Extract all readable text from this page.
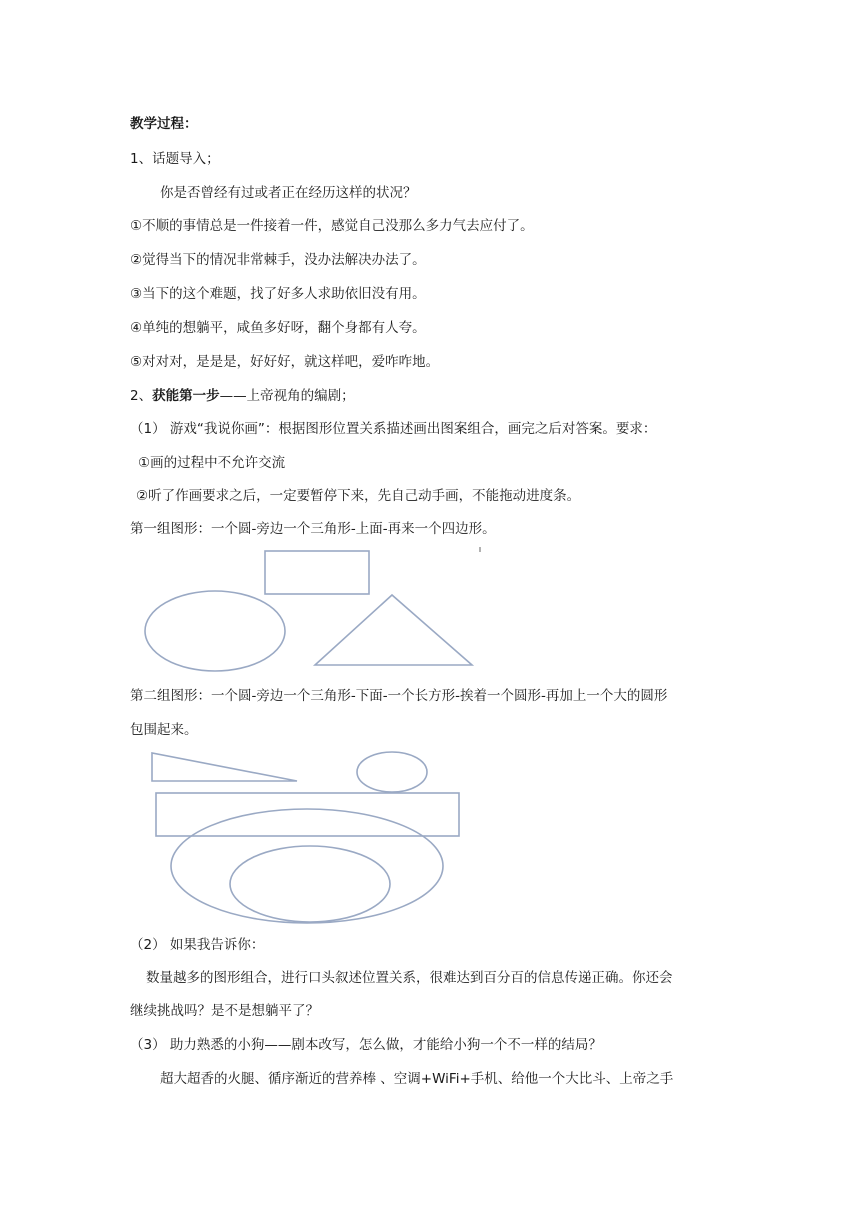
教学过程：
1、话题导入；
你是否曾经有过或者正在经历这样的状况？
①不顺的事情总是一件接着一件，感觉自己没那么多力气去应付了。
②觉得当下的情况非常棘手，没办法解决办法了。
③当下的这个难题，找了好多人求助依旧没有用。
④单纯的想躺平，咸鱼多好呀，翻个身都有人夸。
⑤对对对，是是是，好好好，就这样吧，爱咋咋地。
2、获能第一步——上帝视角的编剧；
（1） 游戏“我说你画”：根据图形位置关系描述画出图案组合，画完之后对答案。要求：
①画的过程中不允许交流
②听了作画要求之后，一定要暂停下来，先自己动手画，不能拖动进度条。
第一组图形：一个圆-旁边一个三角形-上面-再来一个四边形。
第二组图形：一个圆-旁边一个三角形-下面-一个长方形-挨着一个圆形-再加上一个大的圆形
包围起来。
（2） 如果我告诉你：
数量越多的图形组合，进行口头叙述位置关系，很难达到百分百的信息传递正确。你还会
继续挑战吗？是不是想躺平了？
（3） 助力熟悉的小狗——剧本改写，怎么做，才能给小狗一个不一样的结局？
超大超香的火腿、循序渐近的营养棒 、空调+WiFi+手机、给他一个大比斗、上帝之手
